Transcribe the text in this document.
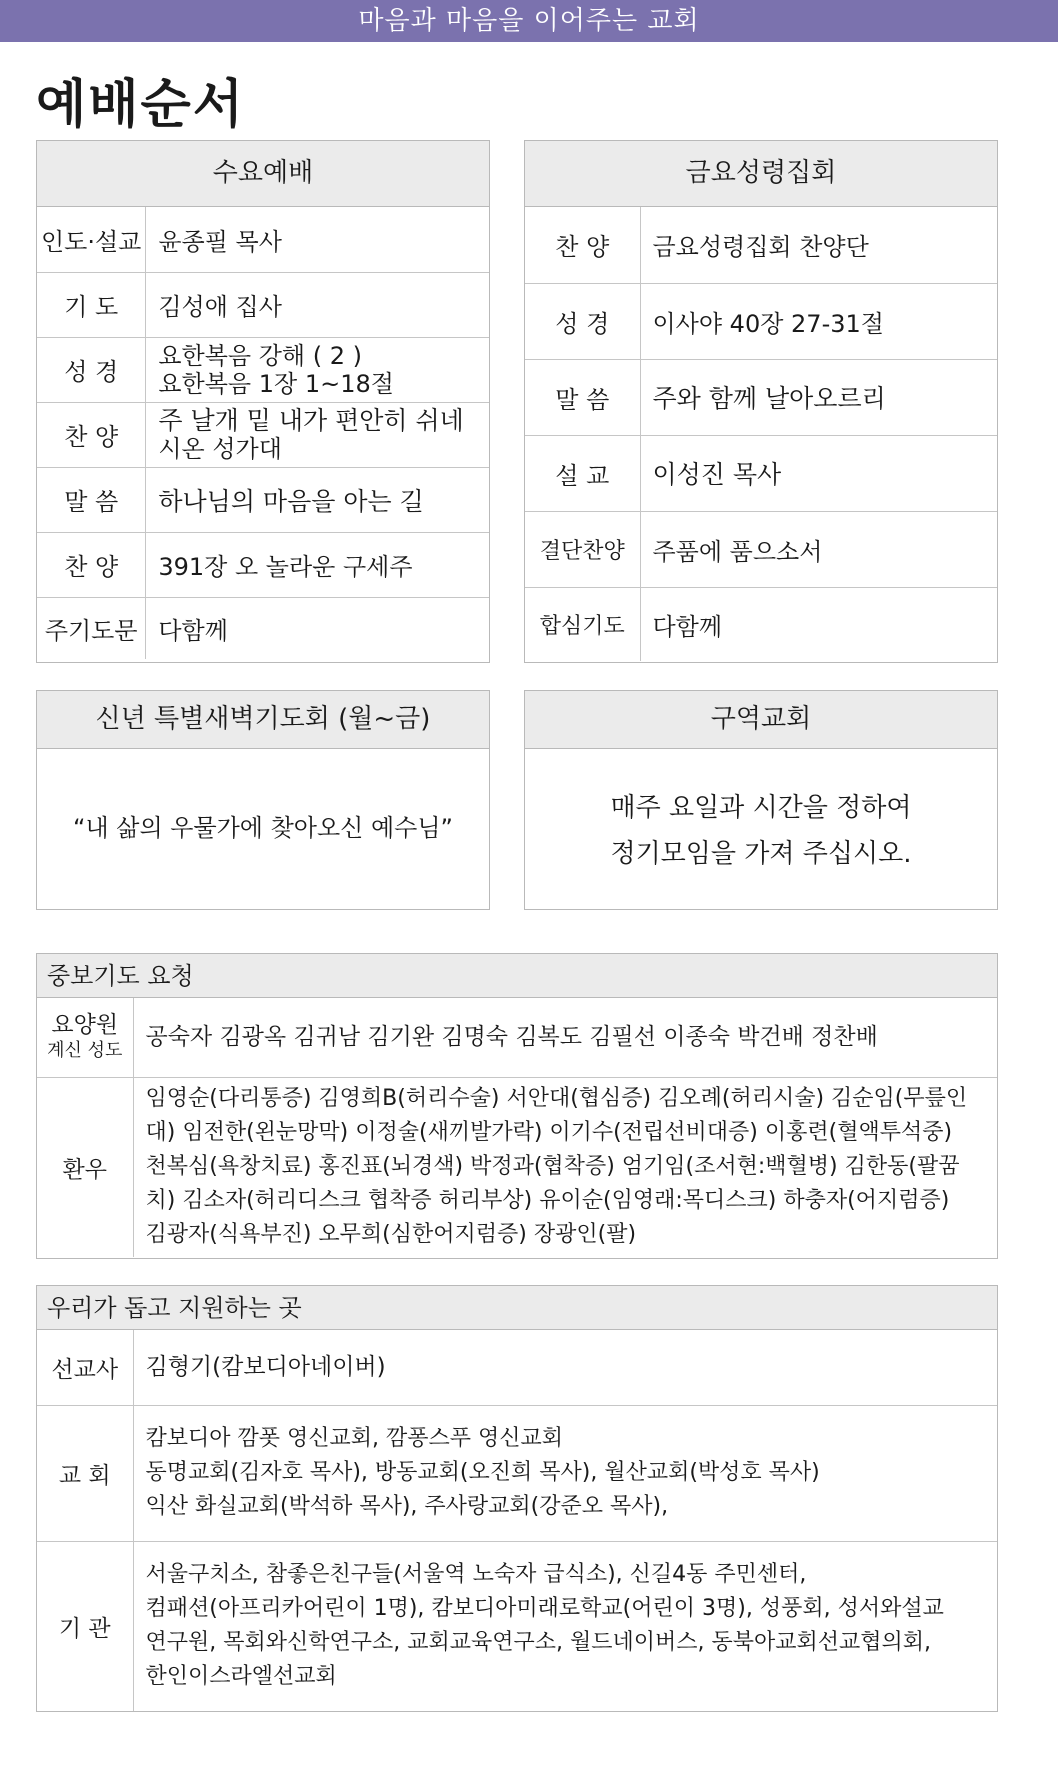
마음과 마음을 이어주는 교회
예배순서
수요예배
인도·설교	윤종필 목사
기 도	김성애 집사
성 경	요한복음 강해 ( 2 )
요한복음 1장 1~18절

찬 양	주 날개 밑 내가 편안히 쉬네
시온 성가대

말 씀	하나님의 마음을 아는 길
찬 양	391장 오 놀라운 구세주
주기도문	다함께
금요성령집회
찬 양	금요성령집회 찬양단
성 경	이사야 40장 27-31절
말 씀	주와 함께 날아오르리
설 교	이성진 목사
결단찬양	주품에 품으소서
합심기도	다함께
신년 특별새벽기도회 (월~금)
“내 삶의 우물가에 찾아오신 예수님”
구역교회
매주 요일과 시간을 정하여
정기모임을 가져 주십시오.
중보기도 요청
요양원
계신 성도	공숙자 김광옥 김귀남 김기완 김명숙 김복도 김필선 이종숙 박건배 정찬배
환우	임영순(다리통증) 김영희B(허리수술) 서안대(협심증) 김오례(허리시술) 김순임(무릎인
대) 임전한(왼눈망막) 이정술(새끼발가락) 이기수(전립선비대증) 이홍련(혈액투석중)
천복심(욕창치료) 홍진표(뇌경색) 박정과(협착증) 엄기임(조서현:백혈병) 김한동(팔꿈
치) 김소자(허리디스크 협착증 허리부상) 유이순(임영래:목디스크) 하충자(어지럼증)
김광자(식욕부진) 오무희(심한어지럼증) 장광인(팔)
우리가 돕고 지원하는 곳
선교사	김형기(캄보디아네이버)
교 회	캄보디아 깜폿 영신교회, 깜퐁스푸 영신교회
동명교회(김자호 목사), 방동교회(오진희 목사), 월산교회(박성호 목사)
익산 화실교회(박석하 목사), 주사랑교회(강준오 목사),

기 관	서울구치소, 참좋은친구들(서울역 노숙자 급식소), 신길4동 주민센터,
컴패션(아프리카어린이 1명), 캄보디아미래로학교(어린이 3명), 성풍회, 성서와설교
연구원, 목회와신학연구소, 교회교육연구소, 월드네이버스, 동북아교회선교협의회,
한인이스라엘선교회
